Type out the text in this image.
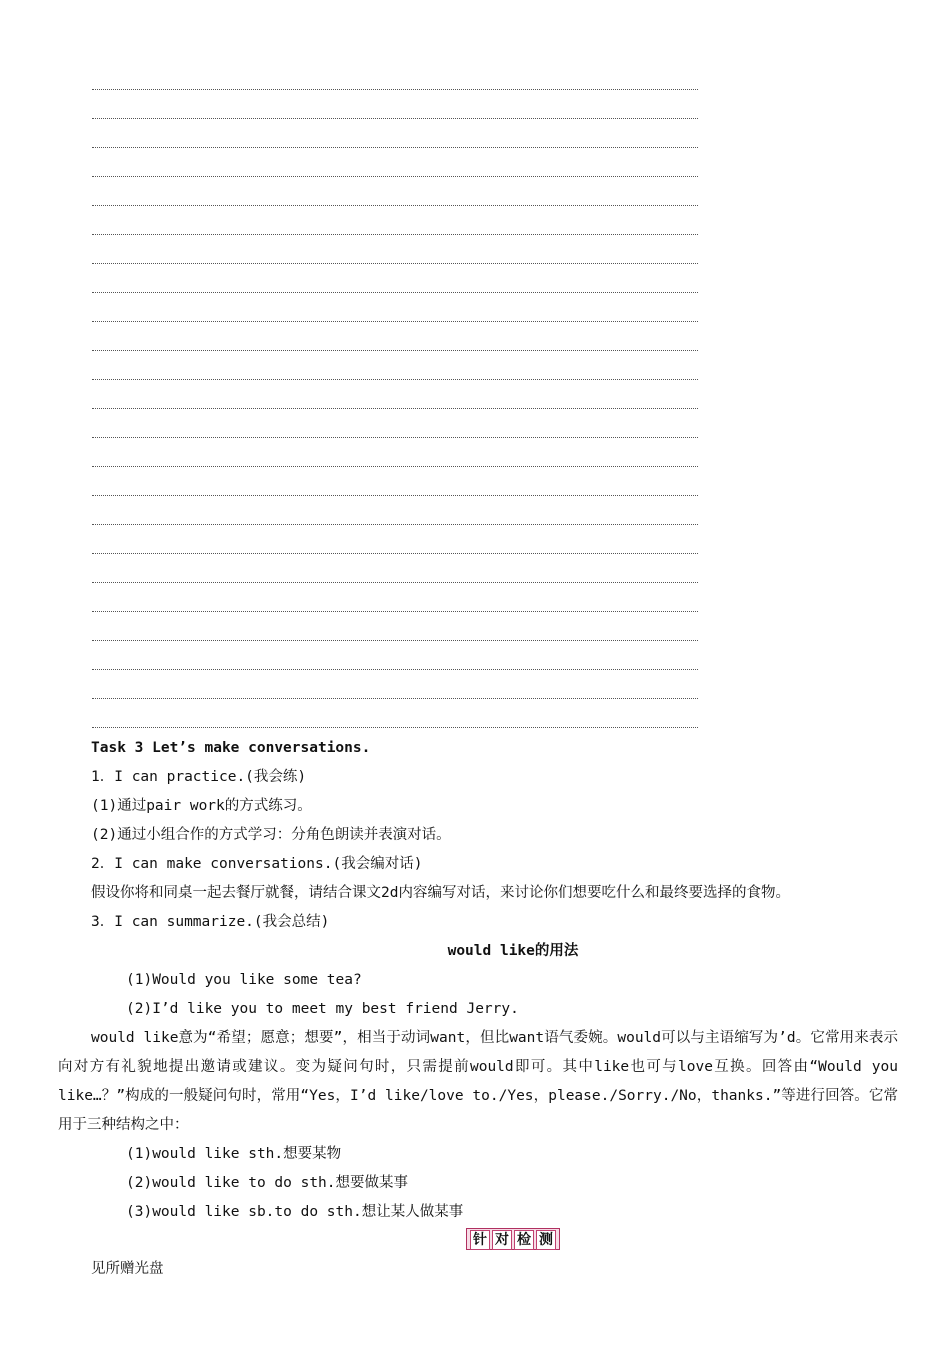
Task 3 Let’s make conversations.
1．I can practice.(我会练)
(1)通过pair work的方式练习。
(2)通过小组合作的方式学习：分角色朗读并表演对话。
2．I can make conversations.(我会编对话)
假设你将和同桌一起去餐厅就餐，请结合课文2d内容编写对话，来讨论你们想要吃什么和最终要选择的食物。
3．I can summarize.(我会总结)
would like的用法
(1)Would you like some tea?
(2)I’d like you to meet my best friend Jerry.
would like意为“希望；愿意；想要”，相当于动词want，但比want语气委婉。would可以与主语缩写为’d。它常用来表示向对方有礼貌地提出邀请或建议。变为疑问句时，只需提前would即可。其中like也可与love互换。回答由“Would you like…？”构成的一般疑问句时，常用“Yes，I’d like/love to./Yes，please./Sorry./No，thanks.”等进行回答。它常用于三种结构之中：
(1)would like sth.想要某物
(2)would like to do sth.想要做某事
(3)would like sb.to do sth.想让某人做某事
针 对 检 测
见所赠光盘
